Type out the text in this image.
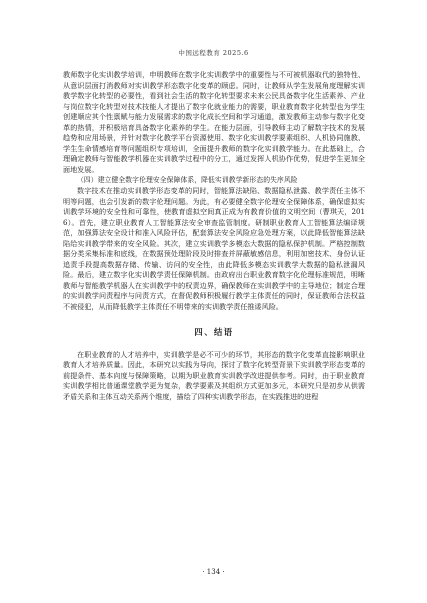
中国远程教育 2025.6

教师数字化实训教学培训，申明教师在数字化实训教学中的重要性与不可被机器取代的独特性、从意识层面打消教师对实训教学形态数字化变革的顾虑。同时，让教师从学生发展角度理解实训教学数字化转型的必要性，看到社会生活的数字化转型要求未来公民具备数字化生活素养、产业与岗位数字化转型对技术技能人才提出了数字化就业能力的需要，职业教育数字化转型也为学生创建顺应其个性禀赋与能力发展需求的数字化成长空间和学习通道，激发教师主动参与数字化变革的热情，并积极培育具备数字化素养的学生。在能力层面，引导教师主动了解数字技术的发展趋势和应用场景，并针对数字化教学平台资源使用、数字化实训教学要素组织、人机协同施教、学生生命情感培育等问题组织专项培训，全面提升教师的数字化实训教学能力。在此基础上，合理确定教师与智能教学机器在实训教学过程中的分工，通过发挥人机协作优势，促进学生更加全面地发展。

（四）建立健全数字伦理安全保障体系，降低实训教学新形态的失序风险

数字技术在推动实训教学形态变革的同时，智能算法缺陷、数据隐私泄露、教学责任主体不明等问题，也会引发新的数字伦理问题。为此，有必要健全数字伦理安全保障体系，确保虚拟实训教学环境的安全性和可靠性，使教育虚拟空间真正成为有教育价值的文明空间（曹琪天，2016）。首先，建立职业教育人工智能算法安全审查监管制度。研制职业教育人工智能算法编译规范，加强算法安全设计和准入风险评估，配套算法安全风险应急处理方案，以此降低智能算法缺陷给实训教学带来的安全风险。其次，建立实训教学多模态大数据的隐私保护机制。严格控制数据分类采集标准和底线，在数据预处理阶段及时排查并屏蔽敏感信息，利用加密技术、身份认证追责手段提高数据存储、传输、访问的安全性，由此降低多模态实训教学大数据的隐私泄漏风险。最后，建立数字化实训教学责任保障机制。由政府出台职业教育数字化伦理标准规范，明晰教师与智能教学机器人在实训教学中的权责边界，确保教师在实训教学中的主导地位；制定合理的实训教学问责程序与问责方式，在督促教师积极履行教学主体责任的同时，保证教师合法权益不被侵犯，从而降低教学主体责任不明带来的实训教学责任推诿风险。

四、结语

在职业教育的人才培养中，实训教学是必不可少的环节，其形态的数字化变革直接影响职业教育人才培养质量。因此，本研究以实践为导向，探讨了数字化转型背景下实训教学形态变革的前提条件、基本向度与保障策略，以期为职业教育实训教学改进提供参考。同时，由于职业教育实训教学相比普通课堂教学更为复杂，教学要素及其组织方式更加多元，本研究只是初步从供需矛盾关系和主体互动关系两个维度，描绘了四种实训教学形态，在实践推进的进程

· 134 ·
